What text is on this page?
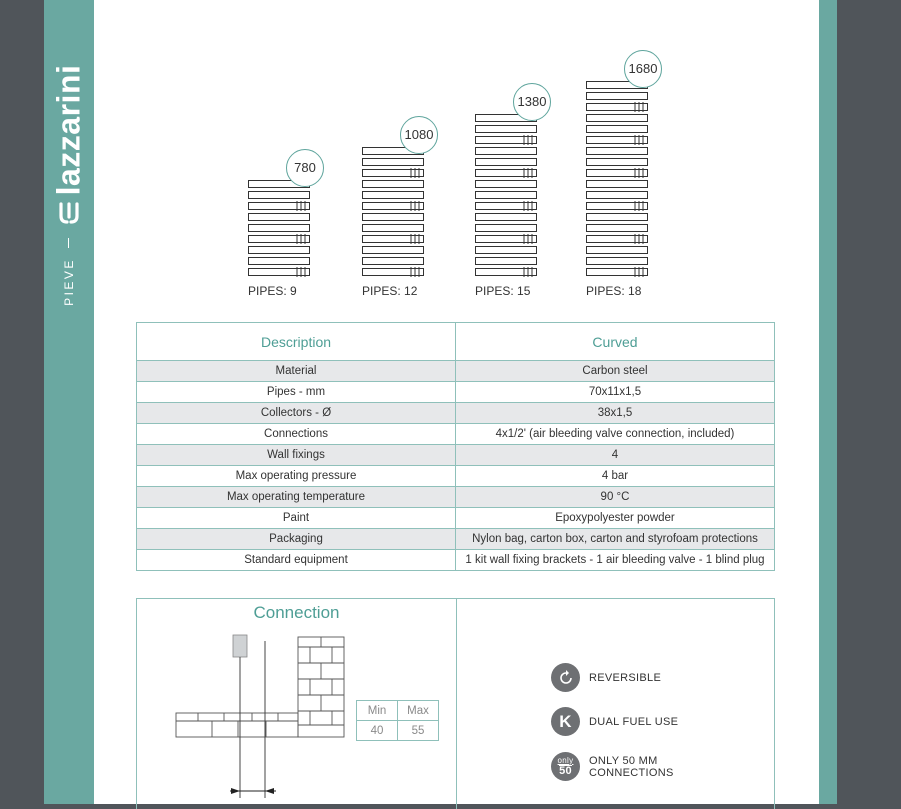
lazzarini
PIEVE
780
PIPES: 9
1080
PIPES: 12
1380
PIPES: 15
1680
PIPES: 18
Description	Curved
Material	Carbon steel
Pipes - mm	70x11x1,5
Collectors - Ø	38x1,5
Connections	4x1/2' (air bleeding valve connection, included)
Wall fixings	4
Max operating pressure	4 bar
Max operating temperature	90 °C
Paint	Epoxypolyester powder
Packaging	Nylon bag, carton box, carton and styrofoam protections
Standard equipment	1 kit wall fixing brackets - 1 air bleeding valve - 1 blind plug
Connection
Min	Max
40	55
REVERSIBLE
K	DUAL FUEL USE
only
50
ONLY 50 MM
CONNECTIONS
